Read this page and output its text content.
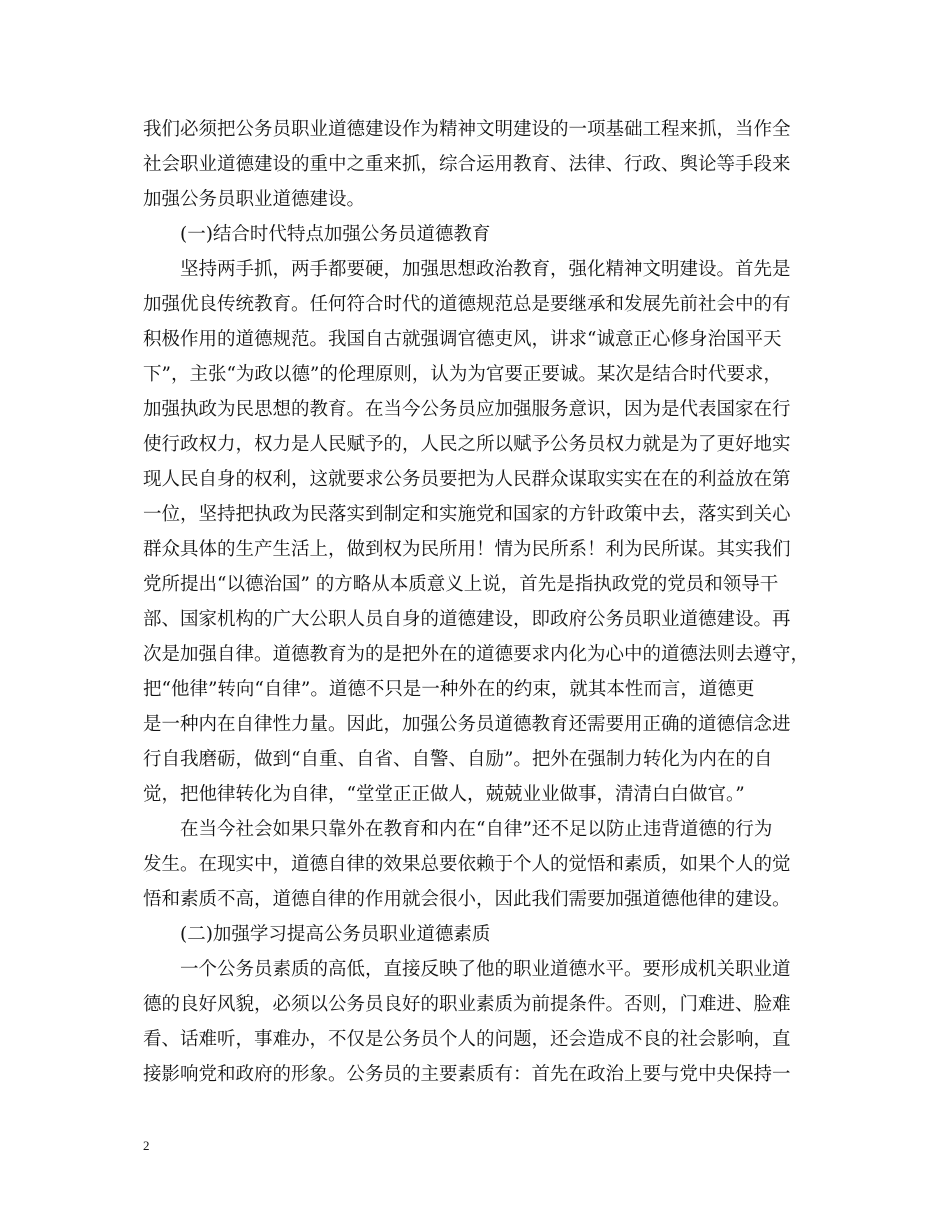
我们必须把公务员职业道德建设作为精神文明建设的一项基础工程来抓，当作全
社会职业道德建设的重中之重来抓，综合运用教育、法律、行政、舆论等手段来
加强公务员职业道德建设。
(一)结合时代特点加强公务员道德教育
坚持两手抓，两手都要硬，加强思想政治教育，强化精神文明建设。首先是
加强优良传统教育。任何符合时代的道德规范总是要继承和发展先前社会中的有
积极作用的道德规范。我国自古就强调官德吏风，讲求“诚意正心修身治国平天
下”，主张“为政以德”的伦理原则，认为为官要正要诚。某次是结合时代要求，
加强执政为民思想的教育。在当今公务员应加强服务意识，因为是代表国家在行
使行政权力，权力是人民赋予的，人民之所以赋予公务员权力就是为了更好地实
现人民自身的权利，这就要求公务员要把为人民群众谋取实实在在的利益放在第
一位，坚持把执政为民落实到制定和实施党和国家的方针政策中去，落实到关心
群众具体的生产生活上，做到权为民所用！情为民所系！利为民所谋。其实我们
党所提出“以德治国” 的方略从本质意义上说，首先是指执政党的党员和领导干
部、国家机构的广大公职人员自身的道德建设，即政府公务员职业道德建设。再
次是加强自律。道德教育为的是把外在的道德要求内化为心中的道德法则去遵守，
把“他律”转向“自律”。道德不只是一种外在的约束，就其本性而言，道德更
是一种内在自律性力量。因此，加强公务员道德教育还需要用正确的道德信念进
行自我磨砺，做到“自重、自省、自警、自励”。把外在强制力转化为内在的自
觉，把他律转化为自律，“堂堂正正做人，兢兢业业做事，清清白白做官。”
在当今社会如果只靠外在教育和内在“自律”还不足以防止违背道德的行为
发生。在现实中，道德自律的效果总要依赖于个人的觉悟和素质，如果个人的觉
悟和素质不高，道德自律的作用就会很小，因此我们需要加强道德他律的建设。
(二)加强学习提高公务员职业道德素质
一个公务员素质的高低，直接反映了他的职业道德水平。要形成机关职业道
德的良好风貌，必须以公务员良好的职业素质为前提条件。否则，门难进、脸难
看、话难听，事难办，不仅是公务员个人的问题，还会造成不良的社会影响，直
接影响党和政府的形象。公务员的主要素质有：首先在政治上要与党中央保持一
2
